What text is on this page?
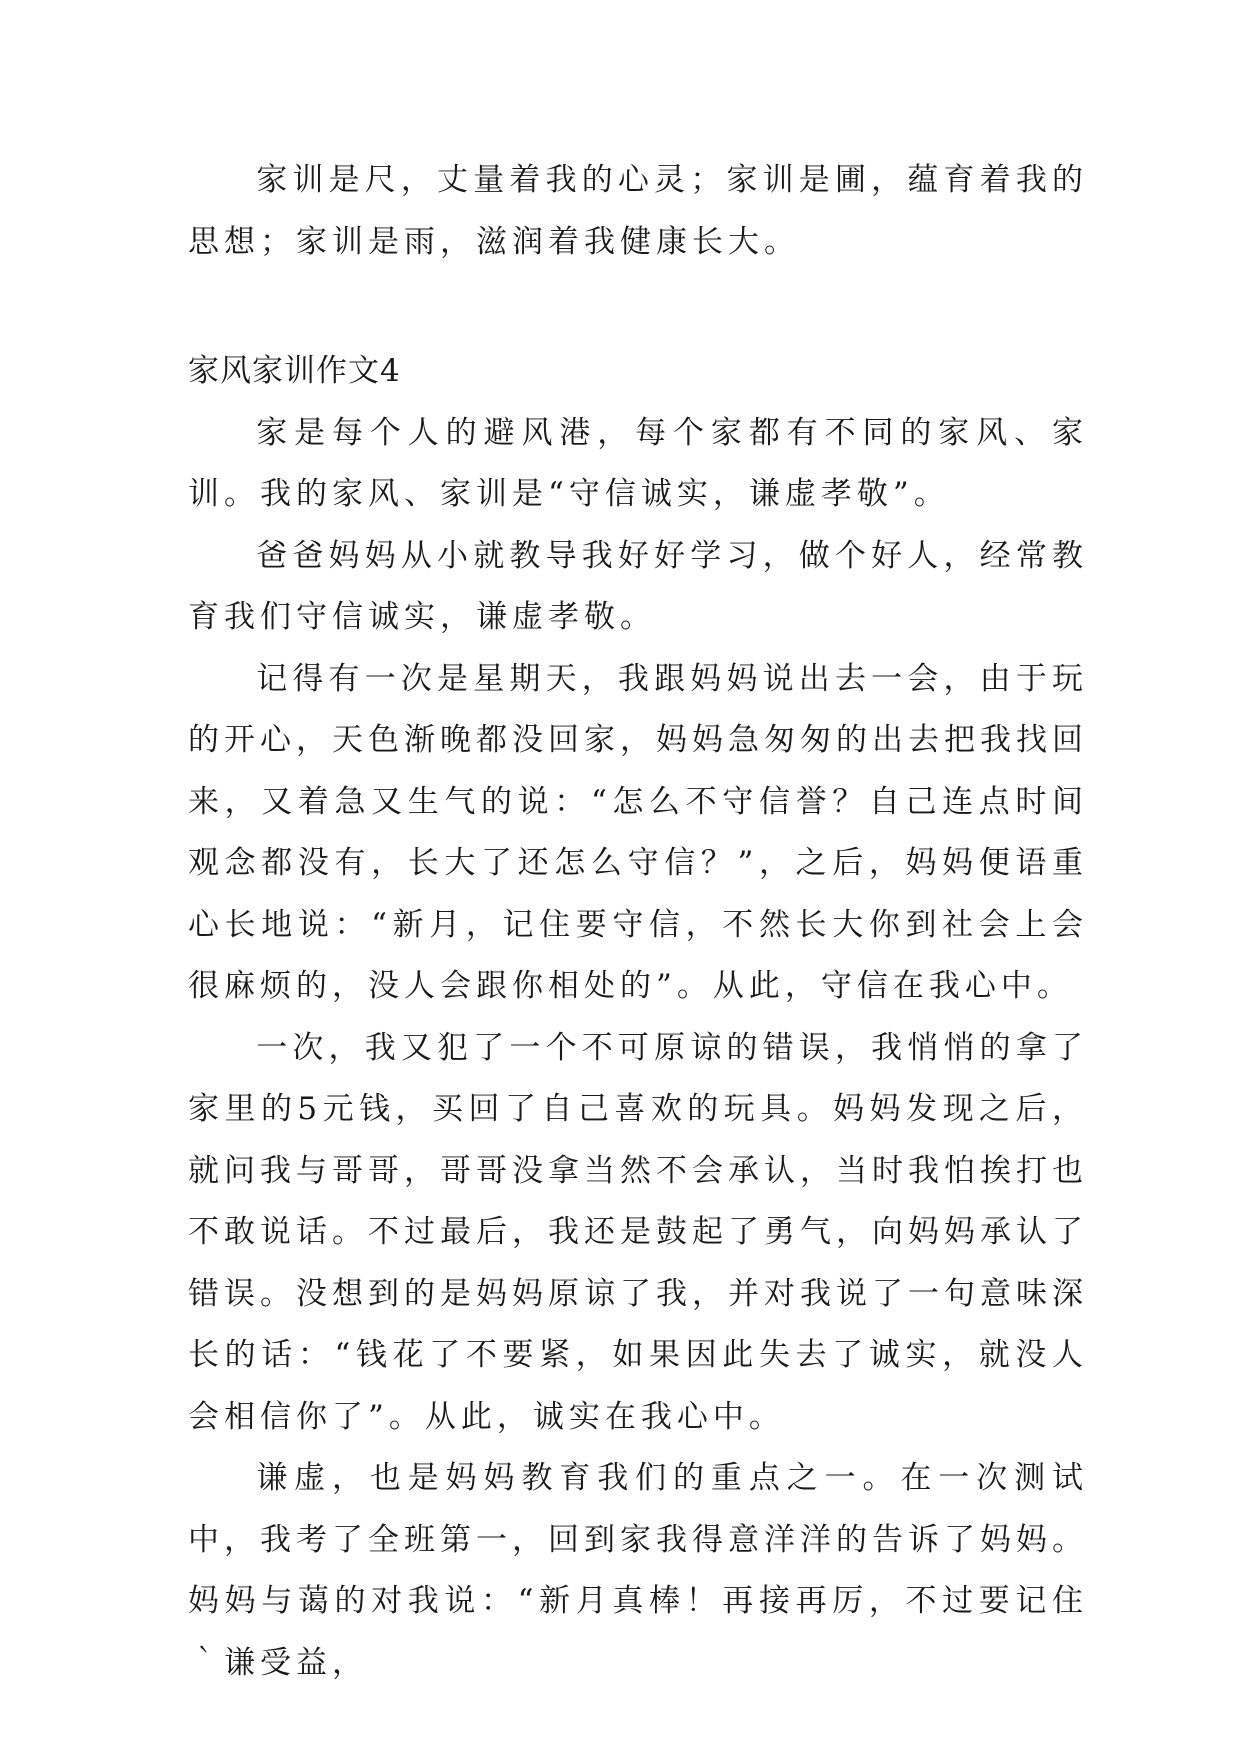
家训是尺，丈量着我的心灵；家训是圃，蕴育着我的思想；家训是雨，滋润着我健康长大。

家风家训作文4

家是每个人的避风港，每个家都有不同的家风、家训。我的家风、家训是“守信诚实，谦虚孝敬”。

爸爸妈妈从小就教导我好好学习，做个好人，经常教育我们守信诚实，谦虚孝敬。

记得有一次是星期天，我跟妈妈说出去一会，由于玩的开心，天色渐晚都没回家，妈妈急匆匆的出去把我找回来，又着急又生气的说：“怎么不守信誉？自己连点时间观念都没有，长大了还怎么守信？”，之后，妈妈便语重心长地说：“新月，记住要守信，不然长大你到社会上会很麻烦的，没人会跟你相处的”。从此，守信在我心中。

一次，我又犯了一个不可原谅的错误，我悄悄的拿了家里的5元钱，买回了自己喜欢的玩具。妈妈发现之后，就问我与哥哥，哥哥没拿当然不会承认，当时我怕挨打也不敢说话。不过最后，我还是鼓起了勇气，向妈妈承认了错误。没想到的是妈妈原谅了我，并对我说了一句意味深长的话：“钱花了不要紧，如果因此失去了诚实，就没人会相信你了”。从此，诚实在我心中。

谦虚，也是妈妈教育我们的重点之一。在一次测试中，我考了全班第一，回到家我得意洋洋的告诉了妈妈。妈妈与蔼的对我说：“新月真棒！再接再厉，不过要记住｀谦受益，
